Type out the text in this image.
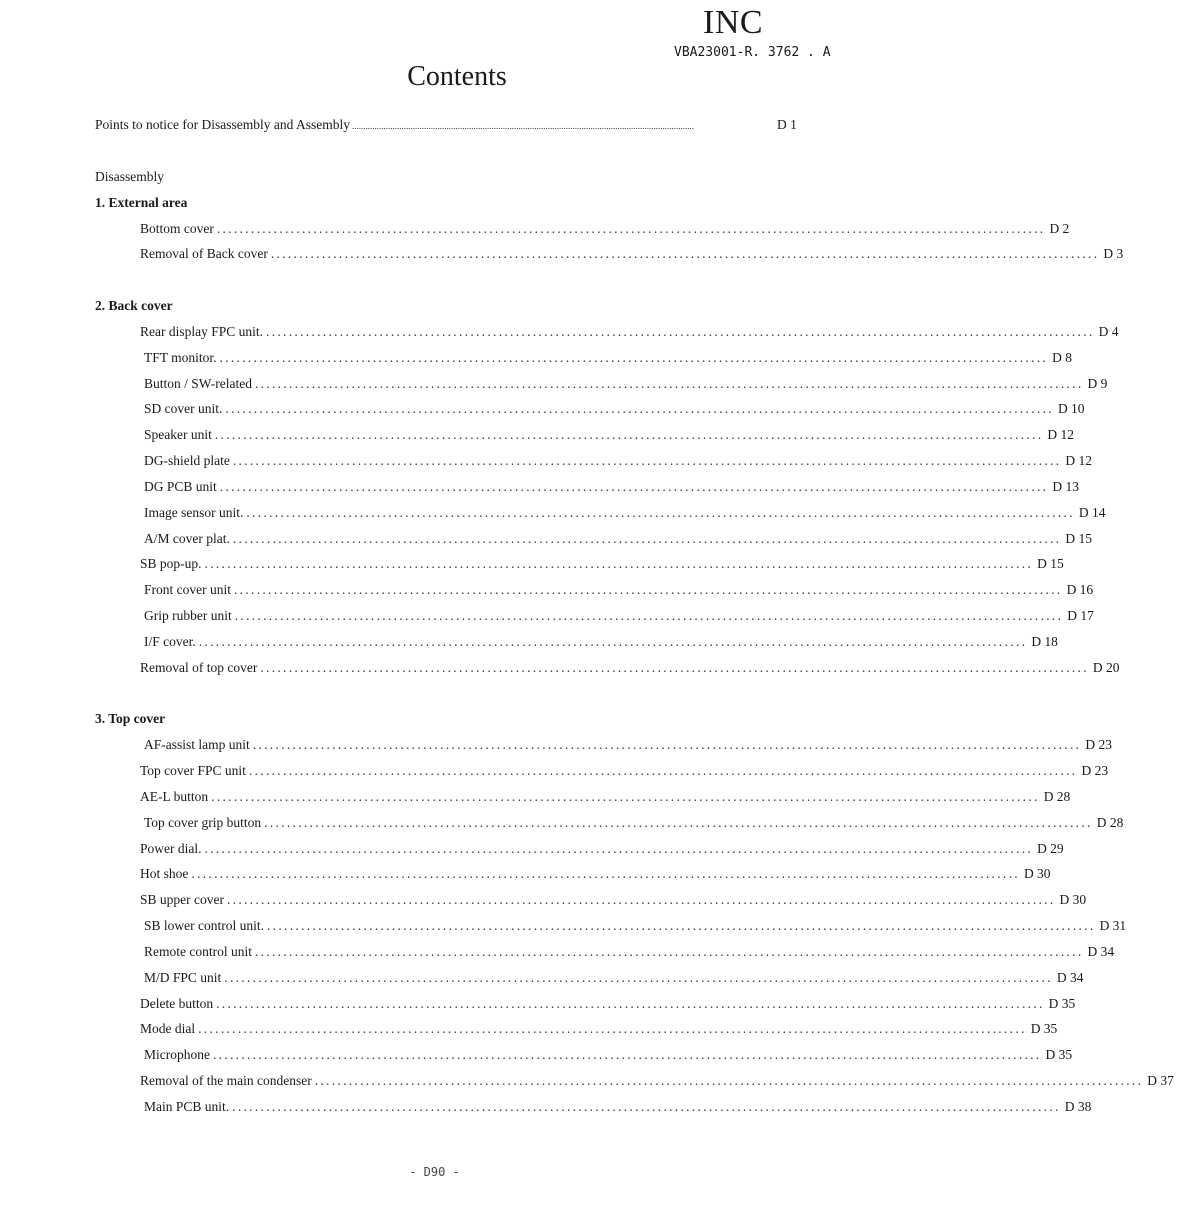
INC
VBA23001-R. 3762 . A
Contents
Points to notice for Disassembly and Assembly ........................................................................................................................................................	D 1
Disassembly
1. External area
Bottom cover .................................................................................................................................................. D 2
Removal of Back cover .................................................................................................................................................. D 3
2. Back cover
Rear display FPC unit. .................................................................................................................................................. D 4
TFT monitor. .................................................................................................................................................. D 8
Button / SW-related .................................................................................................................................................. D 9
SD cover unit. .................................................................................................................................................. D 10
Speaker unit .................................................................................................................................................. D 12
DG-shield plate .................................................................................................................................................. D 12
DG PCB unit .................................................................................................................................................. D 13
Image sensor unit. .................................................................................................................................................. D 14
A/M cover plat. .................................................................................................................................................. D 15
SB pop-up. .................................................................................................................................................. D 15
Front cover unit .................................................................................................................................................. D 16
Grip rubber unit .................................................................................................................................................. D 17
I/F cover. .................................................................................................................................................. D 18
Removal of top cover .................................................................................................................................................. D 20
3. Top cover
AF-assist lamp unit .................................................................................................................................................. D 23
Top cover FPC unit .................................................................................................................................................. D 23
AE-L button .................................................................................................................................................. D 28
Top cover grip button .................................................................................................................................................. D 28
Power dial. .................................................................................................................................................. D 29
Hot shoe .................................................................................................................................................. D 30
SB upper cover .................................................................................................................................................. D 30
SB lower control unit. .................................................................................................................................................. D 31
Remote control unit .................................................................................................................................................. D 34
M/D FPC unit .................................................................................................................................................. D 34
Delete button .................................................................................................................................................. D 35
Mode dial .................................................................................................................................................. D 35
Microphone .................................................................................................................................................. D 35
Removal of the main condenser .................................................................................................................................................. D 37
Main PCB unit. .................................................................................................................................................. D 38
- D90 -
